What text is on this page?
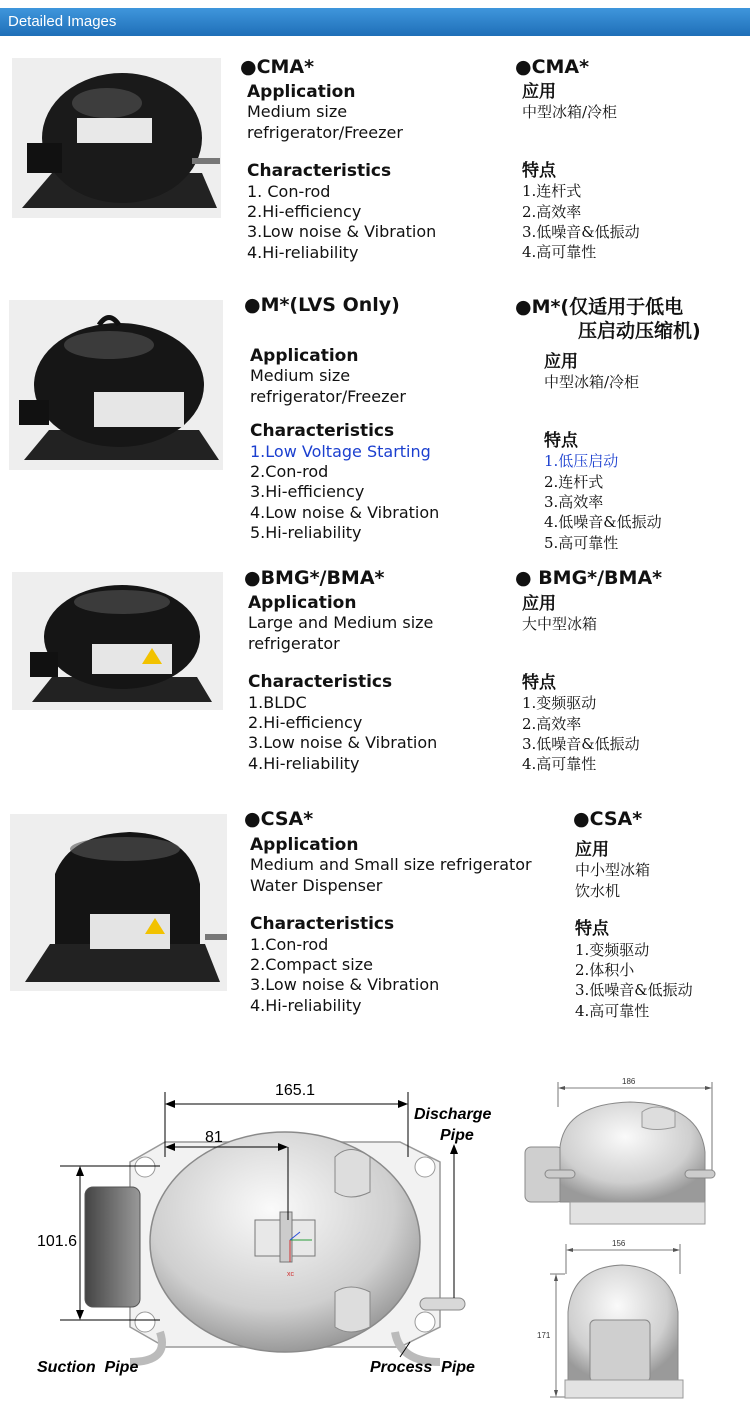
Detailed Images
●CMA*
Application
Medium size
refrigerator/Freezer
Characteristics
1. Con-rod
2.Hi-efficiency
3.Low noise & Vibration
4.Hi-reliability
●CMA*
应用
中型冰箱/冷柜
特点
1.连杆式
2.高效率
3.低噪音&低振动
4.高可靠性
●M*(LVS Only)
Application
Medium size
refrigerator/Freezer
Characteristics
1.Low Voltage Starting
2.Con-rod
3.Hi-efficiency
4.Low noise & Vibration
5.Hi-reliability
●M*(仅适用于低电
压启动压缩机)
应用
中型冰箱/冷柜
特点
1.低压启动
2.连杆式
3.高效率
4.低噪音&低振动
5.高可靠性
●BMG*/BMA*
Application
Large and Medium size
refrigerator
Characteristics
1.BLDC
2.Hi-efficiency
3.Low noise & Vibration
4.Hi-reliability
● BMG*/BMA*
应用
大中型冰箱
特点
1.变频驱动
2.高效率
3.低噪音&低振动
4.高可靠性
●CSA*
Application
Medium and Small size refrigerator
Water Dispenser
Characteristics
1.Con-rod
2.Compact size
3.Low noise & Vibration
4.Hi-reliability
●CSA*
应用
中小型冰箱
饮水机
特点
1.变频驱动
2.体积小
3.低噪音&低振动
4.高可靠性
xc
165.1
81
101.6
Discharge
Pipe
Suction  Pipe	Process  Pipe
186
156
171
